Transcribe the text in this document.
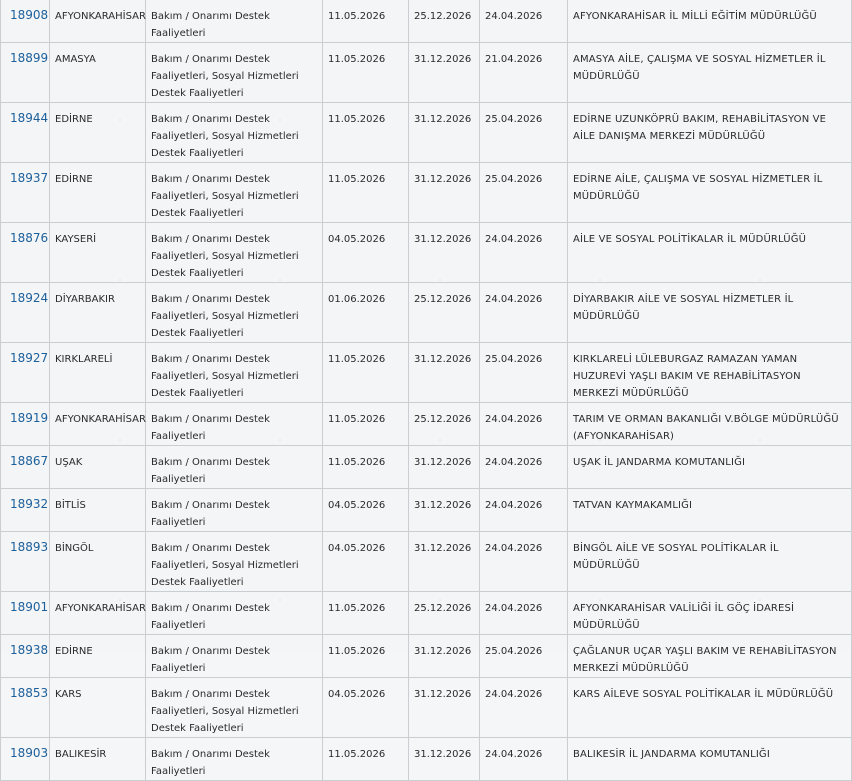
18908	AFYONKARAHİSAR	Bakım / Onarımı Destek Faaliyetleri	11.05.2026	25.12.2026	24.04.2026	AFYONKARAHİSAR İL MİLLİ EĞİTİM MÜDÜRLÜĞÜ
18899	AMASYA	Bakım / Onarımı Destek Faaliyetleri, Sosyal Hizmetleri Destek Faaliyetleri	11.05.2026	31.12.2026	21.04.2026	AMASYA AİLE, ÇALIŞMA VE SOSYAL HİZMETLER İL MÜDÜRLÜĞÜ
18944	EDİRNE	Bakım / Onarımı Destek Faaliyetleri, Sosyal Hizmetleri Destek Faaliyetleri	11.05.2026	31.12.2026	25.04.2026	EDİRNE UZUNKÖPRÜ BAKIM, REHABİLİTASYON VE AİLE DANIŞMA MERKEZİ MÜDÜRLÜĞÜ
18937	EDİRNE	Bakım / Onarımı Destek Faaliyetleri, Sosyal Hizmetleri Destek Faaliyetleri	11.05.2026	31.12.2026	25.04.2026	EDİRNE AİLE, ÇALIŞMA VE SOSYAL HİZMETLER İL MÜDÜRLÜĞÜ
18876	KAYSERİ	Bakım / Onarımı Destek Faaliyetleri, Sosyal Hizmetleri Destek Faaliyetleri	04.05.2026	31.12.2026	24.04.2026	AİLE VE SOSYAL POLİTİKALAR İL MÜDÜRLÜĞÜ
18924	DİYARBAKIR	Bakım / Onarımı Destek Faaliyetleri, Sosyal Hizmetleri Destek Faaliyetleri	01.06.2026	25.12.2026	24.04.2026	DİYARBAKIR AİLE VE SOSYAL HİZMETLER İL MÜDÜRLÜĞÜ
18927	KIRKLARELİ	Bakım / Onarımı Destek Faaliyetleri, Sosyal Hizmetleri Destek Faaliyetleri	11.05.2026	31.12.2026	25.04.2026	KIRKLARELİ LÜLEBURGAZ RAMAZAN YAMAN HUZUREVİ YAŞLI BAKIM VE REHABİLİTASYON MERKEZİ MÜDÜRLÜĞÜ
18919	AFYONKARAHİSAR	Bakım / Onarımı Destek Faaliyetleri	11.05.2026	25.12.2026	24.04.2026	TARIM VE ORMAN BAKANLIĞI V.BÖLGE MÜDÜRLÜĞÜ (AFYONKARAHİSAR)
18867	UŞAK	Bakım / Onarımı Destek Faaliyetleri	11.05.2026	31.12.2026	24.04.2026	UŞAK İL JANDARMA KOMUTANLIĞI
18932	BİTLİS	Bakım / Onarımı Destek Faaliyetleri	04.05.2026	31.12.2026	24.04.2026	TATVAN KAYMAKAMLIĞI
18893	BİNGÖL	Bakım / Onarımı Destek Faaliyetleri, Sosyal Hizmetleri Destek Faaliyetleri	04.05.2026	31.12.2026	24.04.2026	BİNGÖL AİLE VE SOSYAL POLİTİKALAR İL MÜDÜRLÜĞÜ
18901	AFYONKARAHİSAR	Bakım / Onarımı Destek Faaliyetleri	11.05.2026	25.12.2026	24.04.2026	AFYONKARAHİSAR VALİLİĞİ İL GÖÇ İDARESİ MÜDÜRLÜĞÜ
18938	EDİRNE	Bakım / Onarımı Destek Faaliyetleri	11.05.2026	31.12.2026	25.04.2026	ÇAĞLANUR UÇAR YAŞLI BAKIM VE REHABİLİTASYON MERKEZİ MÜDÜRLÜĞÜ
18853	KARS	Bakım / Onarımı Destek Faaliyetleri, Sosyal Hizmetleri Destek Faaliyetleri	04.05.2026	31.12.2026	24.04.2026	KARS AİLEVE SOSYAL POLİTİKALAR İL MÜDÜRLÜĞÜ
18903	BALIKESİR	Bakım / Onarımı Destek Faaliyetleri	11.05.2026	31.12.2026	24.04.2026	BALIKESİR İL JANDARMA KOMUTANLIĞI
